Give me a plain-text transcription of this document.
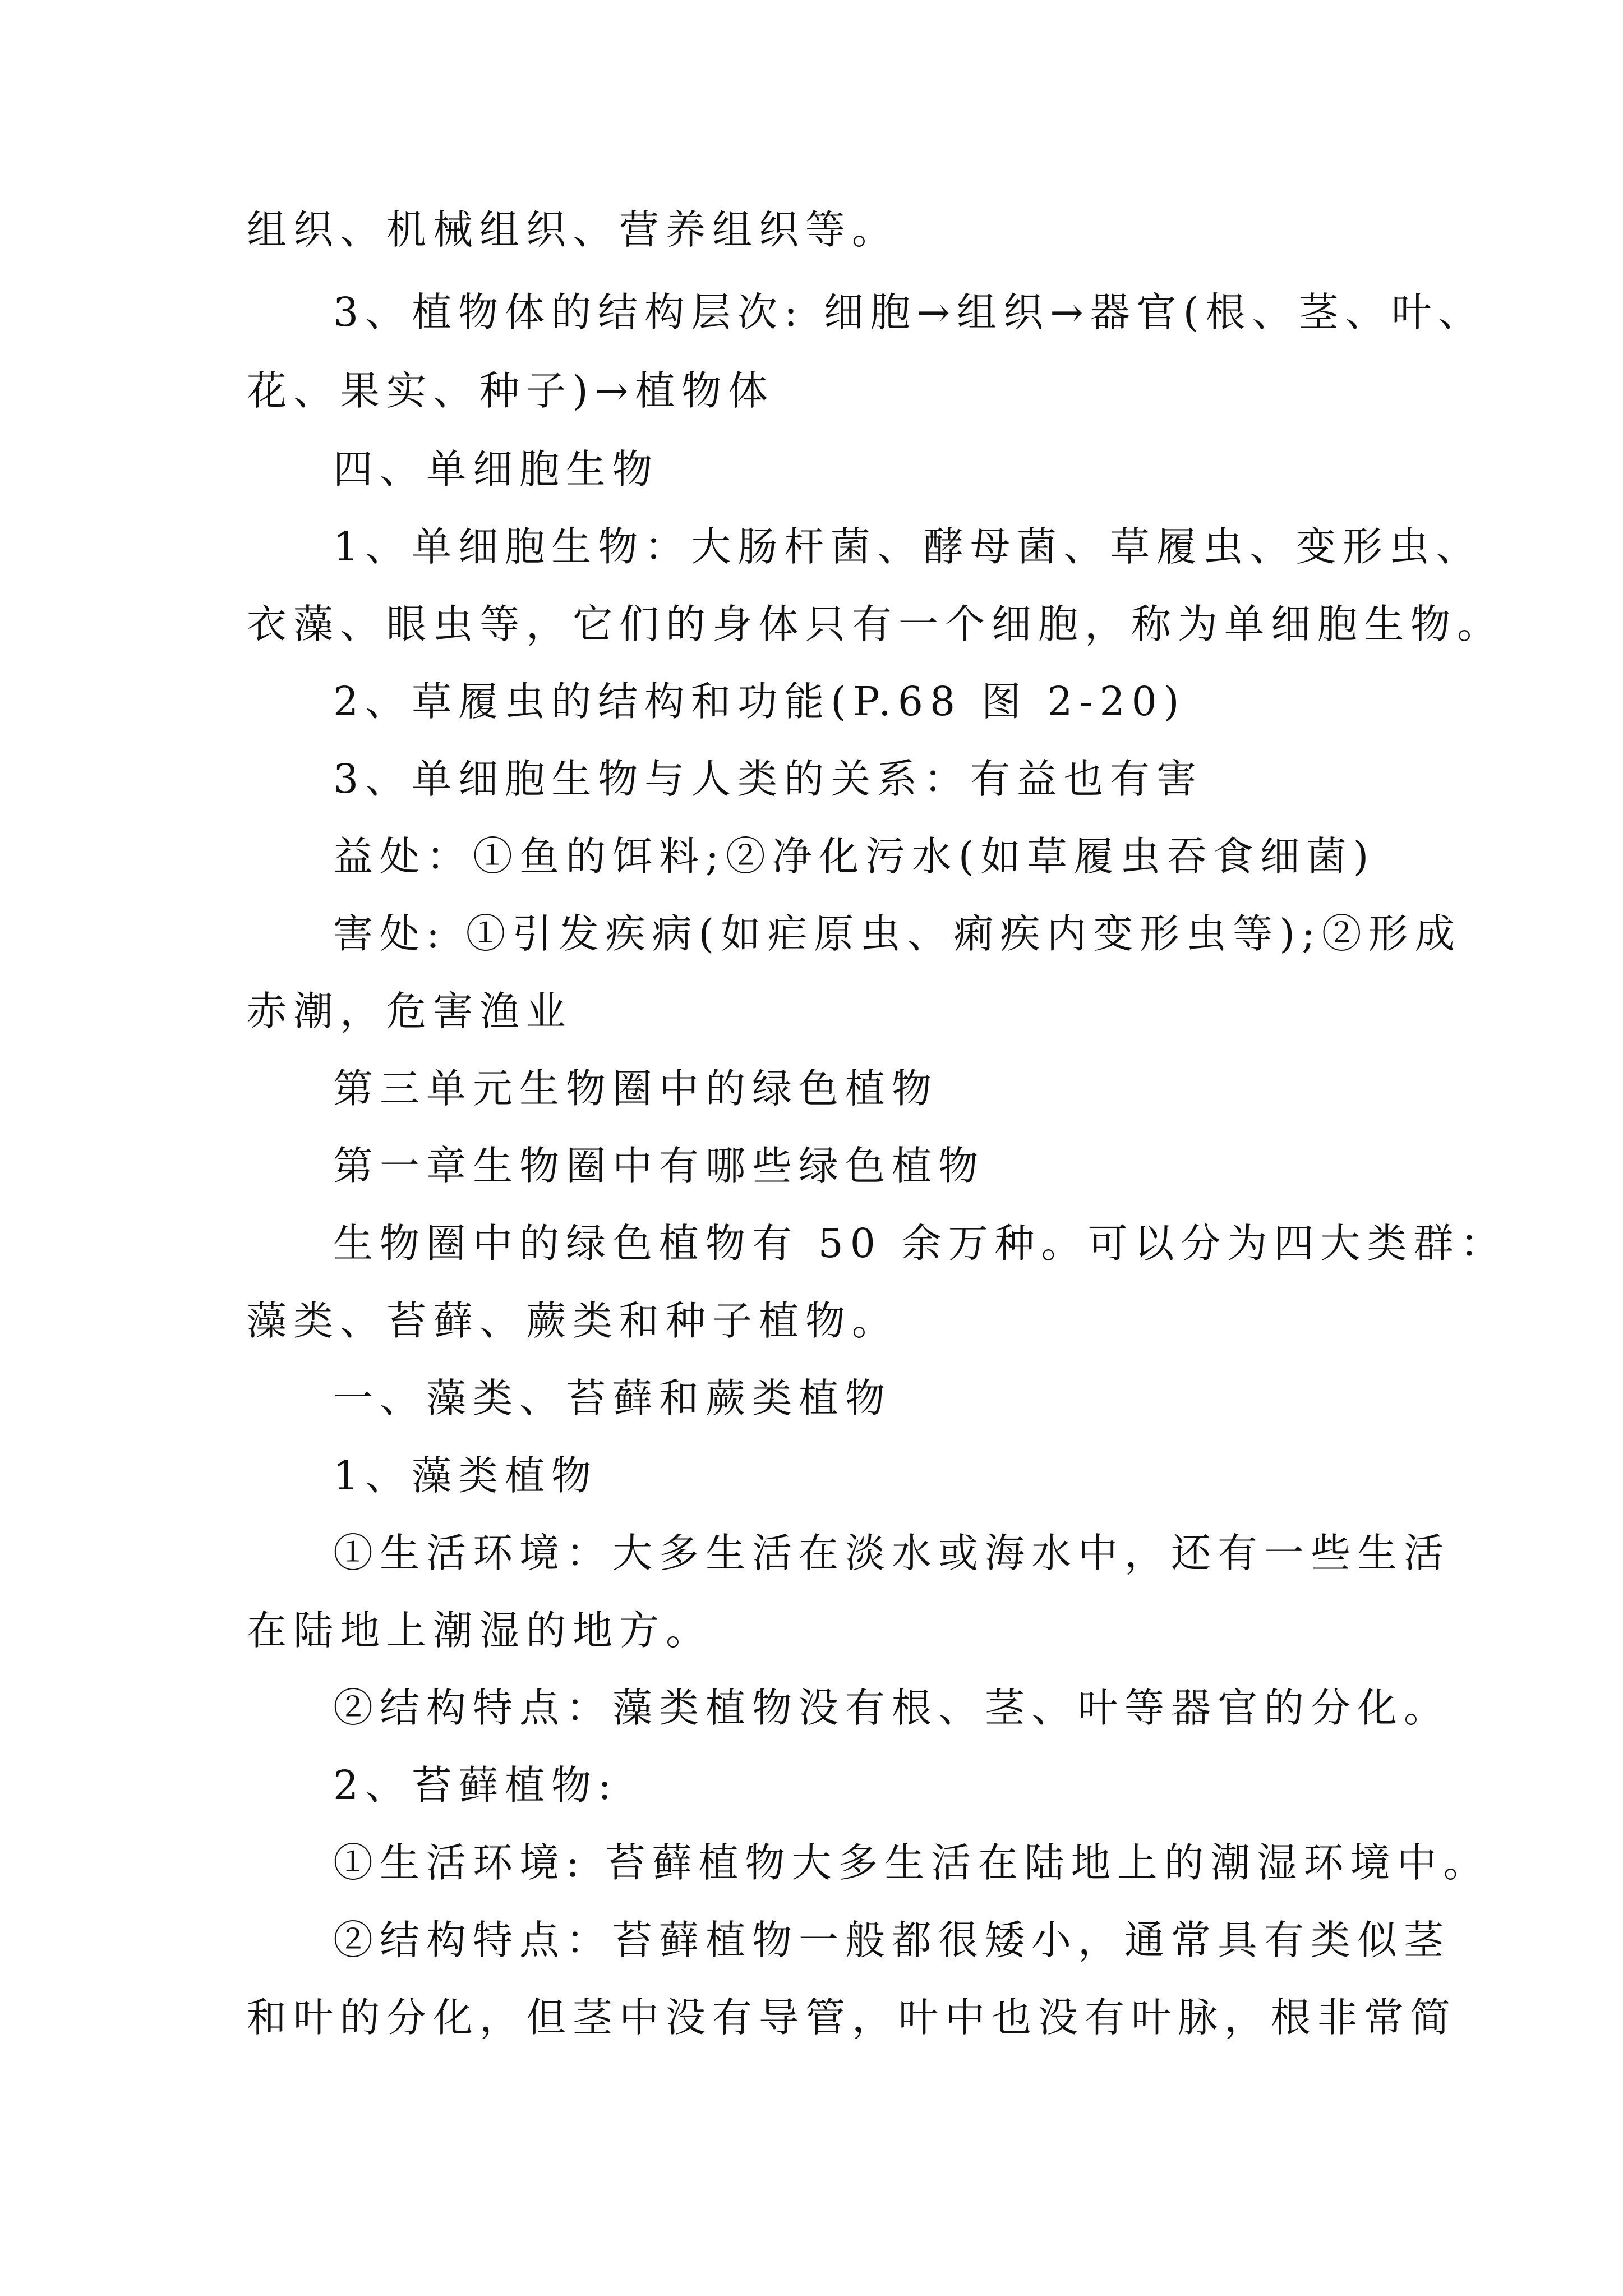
组织、机械组织、营养组织等。
3、植物体的结构层次: 细胞→组织→器官(根、茎、叶、
花、果实、种子)→植物体
四、单细胞生物
1、单细胞生物：大肠杆菌、酵母菌、草履虫、变形虫、
衣藻、眼虫等，它们的身体只有一个细胞，称为单细胞生物。
2、草履虫的结构和功能(P.68 图 2-20)
3、单细胞生物与人类的关系：有益也有害
益处：①鱼的饵料;②净化污水(如草履虫吞食细菌)
害处: ①引发疾病(如疟原虫、痢疾内变形虫等);②形成
赤潮，危害渔业
第三单元生物圈中的绿色植物
第一章生物圈中有哪些绿色植物
生物圈中的绿色植物有 50 余万种。可以分为四大类群：
藻类、苔藓、蕨类和种子植物。
一、藻类、苔藓和蕨类植物
1、藻类植物
①生活环境：大多生活在淡水或海水中，还有一些生活
在陆地上潮湿的地方。
②结构特点：藻类植物没有根、茎、叶等器官的分化。
2、苔藓植物:
①生活环境: 苔藓植物大多生活在陆地上的潮湿环境中。
②结构特点：苔藓植物一般都很矮小，通常具有类似茎
和叶的分化，但茎中没有导管，叶中也没有叶脉，根非常简
